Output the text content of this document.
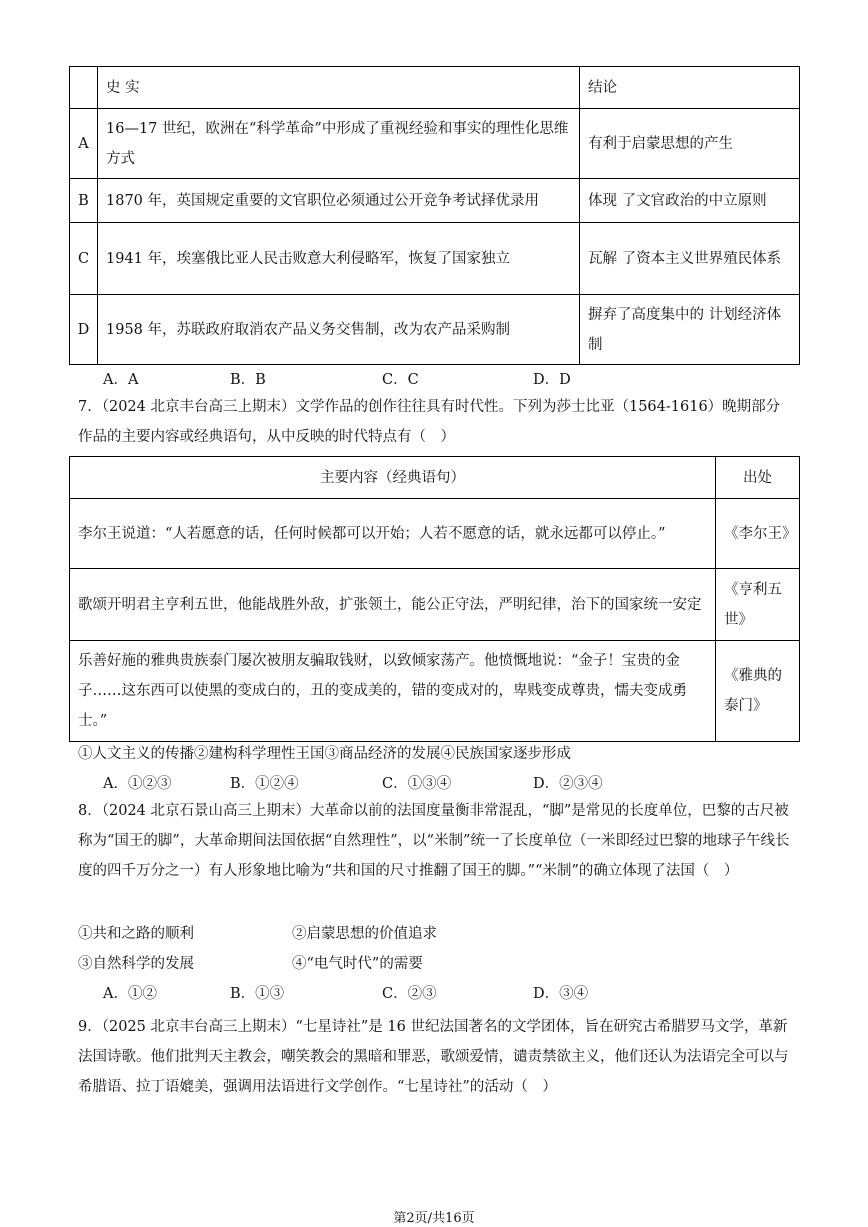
	史 实	结论
A	16—17 世纪，欧洲在“科学革命”中形成了重视经验和事实的理性化思维方式	有利于启蒙思想的产生
B	1870 年，英国规定重要的文官职位必须通过公开竞争考试择优录用	体现 了文官政治的中立原则
C	1941 年，埃塞俄比亚人民击败意大利侵略军，恢复了国家独立	瓦解 了资本主义世界殖民体系
D	1958 年，苏联政府取消农产品义务交售制，改为农产品采购制	摒弃了高度集中的 计划经济体制
A．A	B．B	C．C	D．D
7．（2024 北京丰台高三上期末）文学作品的创作往往具有时代性。下列为莎士比亚（1564-1616）晚期部分作品的主要内容或经典语句，从中反映的时代特点有（　）
主要内容（经典语句）	出处
李尔王说道：“人若愿意的话，任何时候都可以开始；人若不愿意的话，就永远都可以停止。”	《李尔王》
歌颂开明君主亨利五世，他能战胜外敌，扩张领土，能公正守法，严明纪律，治下的国家统一安定	《亨利五世》
乐善好施的雅典贵族泰门屡次被朋友骗取钱财，以致倾家荡产。他愤慨地说：“金子！宝贵的金子……这东西可以使黑的变成白的，丑的变成美的，错的变成对的，卑贱变成尊贵，懦夫变成勇士。”	《雅典的泰门》
①人文主义的传播②建构科学理性王国③商品经济的发展④民族国家逐步形成
A．①②③	B．①②④	C．①③④	D．②③④
8．（2024 北京石景山高三上期末）大革命以前的法国度量衡非常混乱，“脚”是常见的长度单位，巴黎的古尺被称为“国王的脚”，大革命期间法国依据“自然理性”，以“米制”统一了长度单位（一米即经过巴黎的地球子午线长度的四千万分之一）有人形象地比喻为“共和国的尺寸推翻了国王的脚。”“米制”的确立体现了法国（　）
①共和之路的顺利	②启蒙思想的价值追求
③自然科学的发展	④“电气时代”的需要
A．①②	B．①③	C．②③	D．③④
9．（2025 北京丰台高三上期末）“七星诗社”是 16 世纪法国著名的文学团体，旨在研究古希腊罗马文学，革新法国诗歌。他们批判天主教会，嘲笑教会的黑暗和罪恶，歌颂爱情，谴责禁欲主义，他们还认为法语完全可以与希腊语、拉丁语媲美，强调用法语进行文学创作。“七星诗社”的活动（　）
第2页/共16页
